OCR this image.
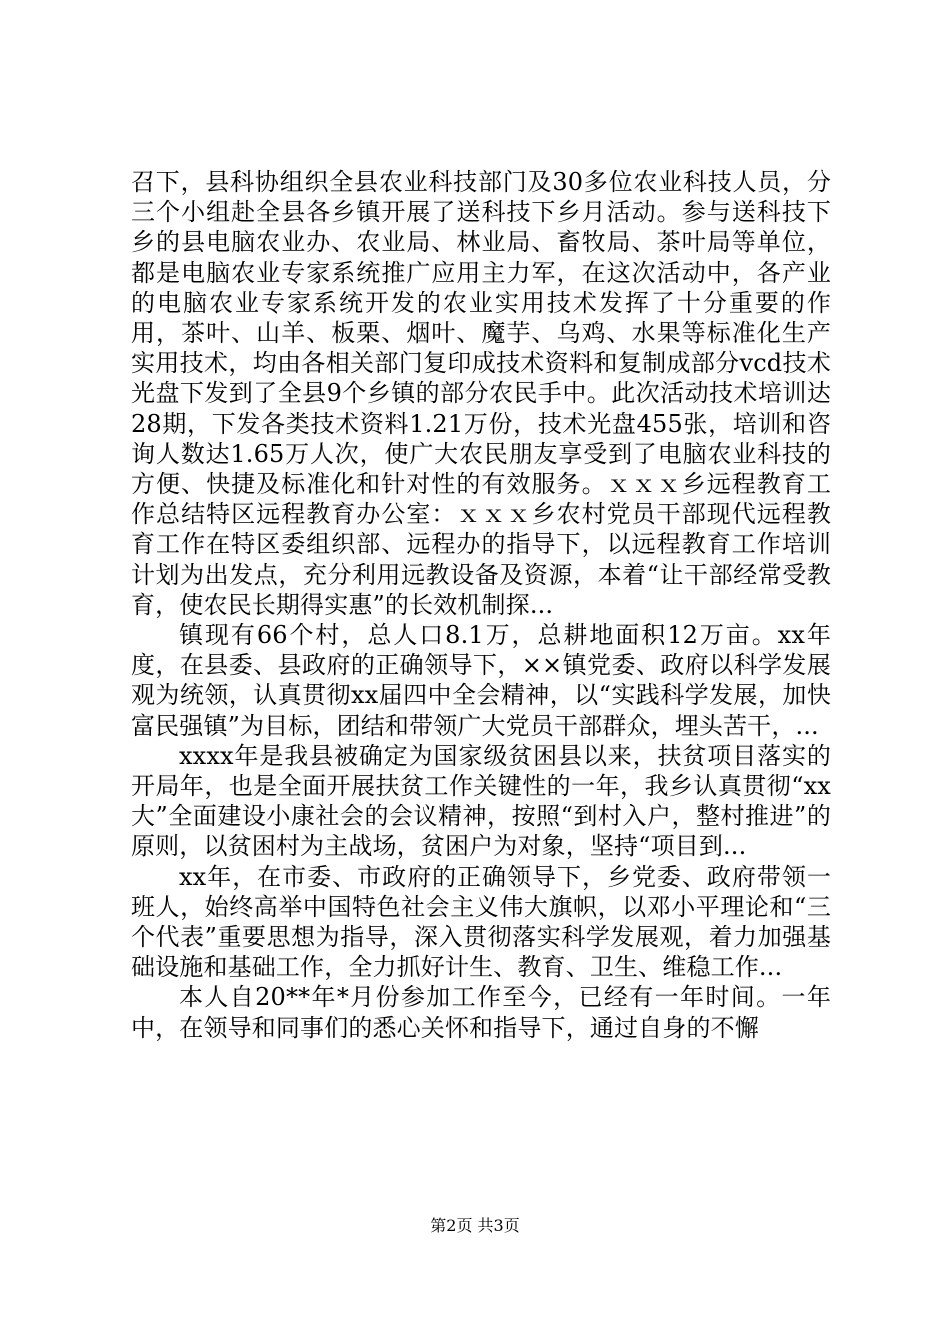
召下，县科协组织全县农业科技部门及30多位农业科技人员，分三个小组赴全县各乡镇开展了送科技下乡月活动。参与送科技下乡的县电脑农业办、农业局、林业局、畜牧局、茶叶局等单位，都是电脑农业专家系统推广应用主力军，在这次活动中，各产业的电脑农业专家系统开发的农业实用技术发挥了十分重要的作用，茶叶、山羊、板栗、烟叶、魔芋、乌鸡、水果等标准化生产实用技术，均由各相关部门复印成技术资料和复制成部分vcd技术光盘下发到了全县9个乡镇的部分农民手中。此次活动技术培训达28期，下发各类技术资料1.21万份，技术光盘455张，培训和咨询人数达1.65万人次，使广大农民朋友享受到了电脑农业科技的方便、快捷及标准化和针对性的有效服务。ｘｘｘ乡远程教育工作总结特区远程教育办公室：ｘｘｘ乡农村党员干部现代远程教育工作在特区委组织部、远程办的指导下，以远程教育工作培训计划为出发点，充分利用远教设备及资源，本着“让干部经常受教育，使农民长期得实惠”的长效机制探...

镇现有66个村，总人口8.1万，总耕地面积12万亩。xx年度，在县委、县政府的正确领导下，××镇党委、政府以科学发展观为统领，认真贯彻xx届四中全会精神，以“实践科学发展，加快富民强镇”为目标，团结和带领广大党员干部群众，埋头苦干，...

xxxx年是我县被确定为国家级贫困县以来，扶贫项目落实的开局年，也是全面开展扶贫工作关键性的一年，我乡认真贯彻“xx大”全面建设小康社会的会议精神，按照“到村入户，整村推进”的原则，以贫困村为主战场，贫困户为对象，坚持“项目到...

xx年，在市委、市政府的正确领导下，乡党委、政府带领一班人，始终高举中国特色社会主义伟大旗帜，以邓小平理论和“三个代表”重要思想为指导，深入贯彻落实科学发展观，着力加强基础设施和基础工作，全力抓好计生、教育、卫生、维稳工作...

本人自20**年*月份参加工作至今，已经有一年时间。一年中，在领导和同事们的悉心关怀和指导下，通过自身的不懈

第2页 共3页
